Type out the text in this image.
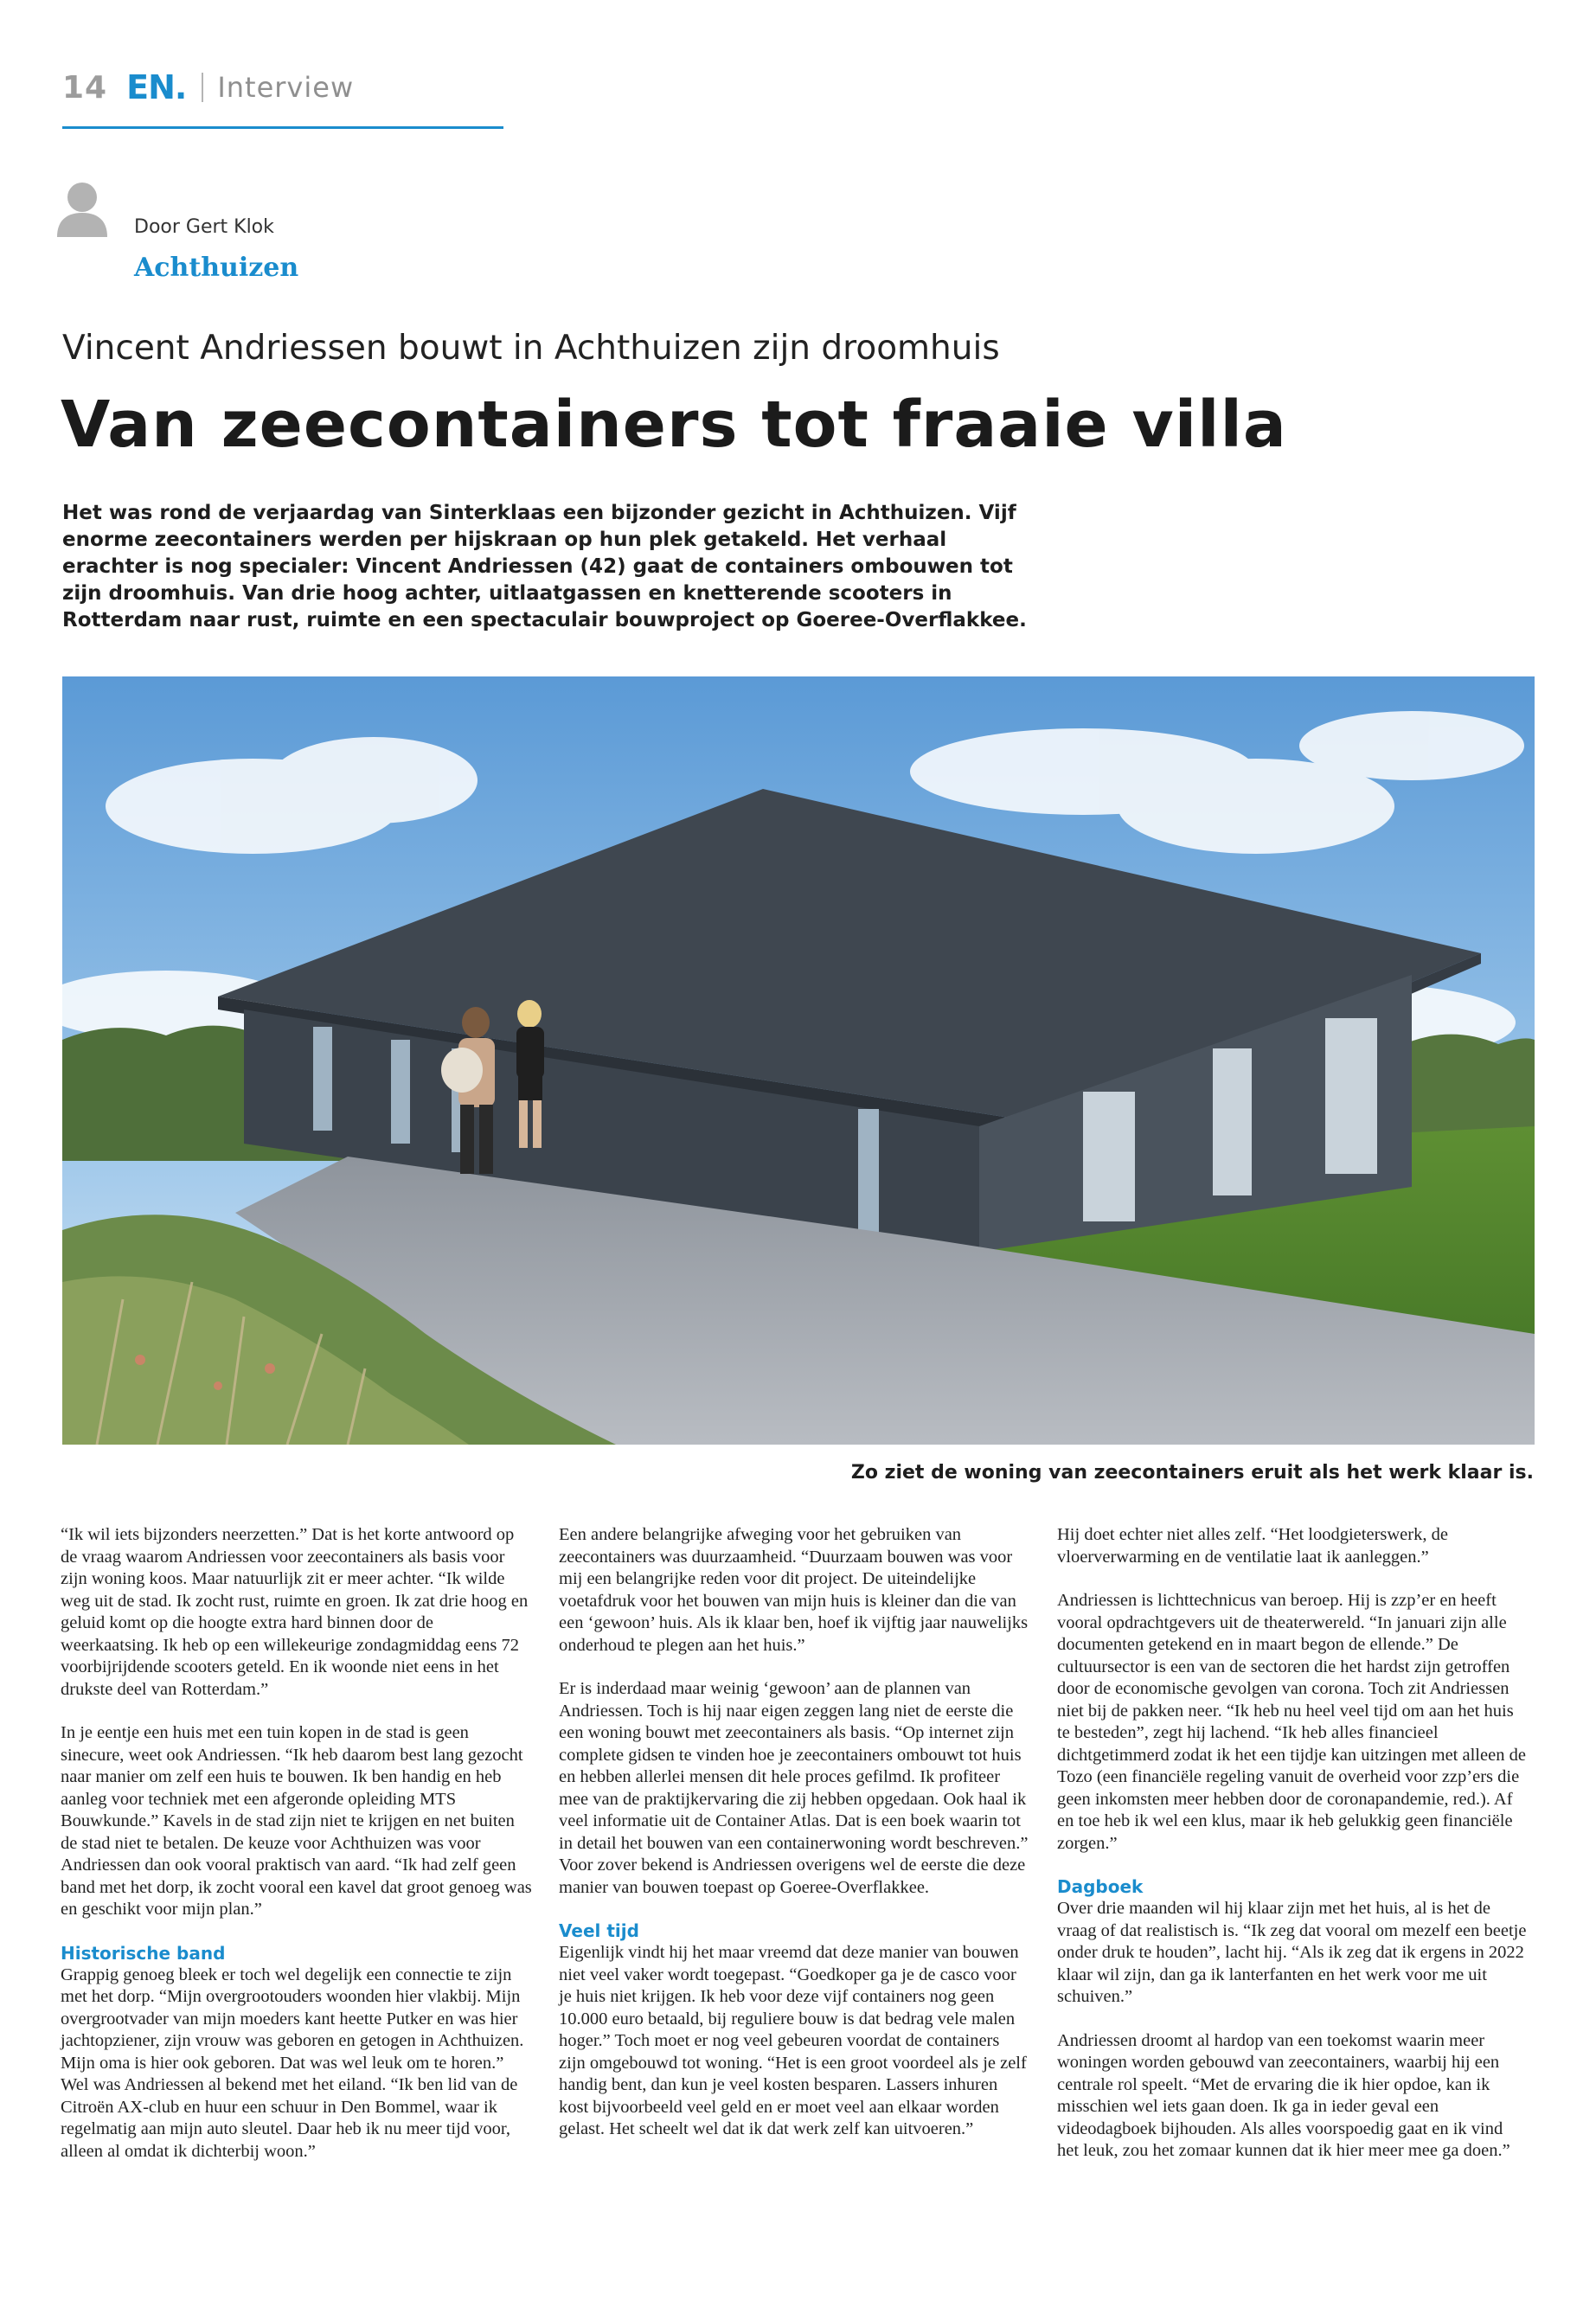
14 EN. Interview
Door Gert Klok
Achthuizen
Vincent Andriessen bouwt in Achthuizen zijn droomhuis
Van zeecontainers tot fraaie villa
Het was rond de verjaardag van Sinterklaas een bijzonder gezicht in Achthuizen. Vijf enorme zeecontainers werden per hijskraan op hun plek getakeld. Het verhaal erachter is nog specialer: Vincent Andriessen (42) gaat de containers ombouwen tot zijn droomhuis. Van drie hoog achter, uitlaatgassen en knetterende scooters in Rotterdam naar rust, ruimte en een spectaculair bouwproject op Goeree-Overflakkee.
Zo ziet de woning van zeecontainers eruit als het werk klaar is.

“Ik wil iets bijzonders neerzetten.” Dat is het korte antwoord op de vraag waarom Andriessen voor zeecontainers als basis voor zijn woning koos. Maar natuurlijk zit er meer achter. “Ik wilde weg uit de stad. Ik zocht rust, ruimte en groen. Ik zat drie hoog en geluid komt op die hoogte extra hard binnen door de weerkaatsing. Ik heb op een willekeurige zondagmiddag eens 72 voorbijrijdende scooters geteld. En ik woonde niet eens in het drukste deel van Rotterdam.”

In je eentje een huis met een tuin kopen in de stad is geen sinecure, weet ook Andriessen. “Ik heb daarom best lang gezocht naar manier om zelf een huis te bouwen. Ik ben handig en heb aanleg voor techniek met een afgeronde opleiding MTS Bouwkunde.” Kavels in de stad zijn niet te krijgen en net buiten de stad niet te betalen. De keuze voor Achthuizen was voor Andriessen dan ook vooral praktisch van aard. “Ik had zelf geen band met het dorp, ik zocht vooral een kavel dat groot genoeg was en geschikt voor mijn plan.”

Historische band

Grappig genoeg bleek er toch wel degelijk een connectie te zijn met het dorp. “Mijn overgrootouders woonden hier vlakbij. Mijn overgrootvader van mijn moeders kant heette Putker en was hier jachtopziener, zijn vrouw was geboren en getogen in Achthuizen. Mijn oma is hier ook geboren. Dat was wel leuk om te horen.” Wel was Andriessen al bekend met het eiland. “Ik ben lid van de Citroën AX-club en huur een schuur in Den Bommel, waar ik regelmatig aan mijn auto sleutel. Daar heb ik nu meer tijd voor, alleen al omdat ik dichterbij woon.”

Een andere belangrijke afweging voor het gebruiken van zeecontainers was duurzaamheid. “Duurzaam bouwen was voor mij een belangrijke reden voor dit project. De uiteindelijke voetafdruk voor het bouwen van mijn huis is kleiner dan die van een ‘gewoon’ huis. Als ik klaar ben, hoef ik vijftig jaar nauwelijks onderhoud te plegen aan het huis.”

Er is inderdaad maar weinig ‘gewoon’ aan de plannen van Andriessen. Toch is hij naar eigen zeggen lang niet de eerste die een woning bouwt met zeecontainers als basis. “Op internet zijn complete gidsen te vinden hoe je zeecontainers ombouwt tot huis en hebben allerlei mensen dit hele proces gefilmd. Ik profiteer mee van de praktijkervaring die zij hebben opgedaan. Ook haal ik veel informatie uit de Container Atlas. Dat is een boek waarin tot in detail het bouwen van een containerwoning wordt beschreven.” Voor zover bekend is Andriessen overigens wel de eerste die deze manier van bouwen toepast op Goeree-Overflakkee.

Veel tijd

Eigenlijk vindt hij het maar vreemd dat deze manier van bouwen niet veel vaker wordt toegepast. “Goedkoper ga je de casco voor je huis niet krijgen. Ik heb voor deze vijf containers nog geen 10.000 euro betaald, bij reguliere bouw is dat bedrag vele malen hoger.” Toch moet er nog veel gebeuren voordat de containers zijn omgebouwd tot woning. “Het is een groot voordeel als je zelf handig bent, dan kun je veel kosten besparen. Lassers inhuren kost bijvoorbeeld veel geld en er moet veel aan elkaar worden gelast. Het scheelt wel dat ik dat werk zelf kan uitvoeren.”

Hij doet echter niet alles zelf. “Het loodgieterswerk, de vloerverwarming en de ventilatie laat ik aanleggen.”

Andriessen is lichttechnicus van beroep. Hij is zzp’er en heeft vooral opdrachtgevers uit de theaterwereld. “In januari zijn alle documenten getekend en in maart begon de ellende.” De cultuursector is een van de sectoren die het hardst zijn getroffen door de economische gevolgen van corona. Toch zit Andriessen niet bij de pakken neer. “Ik heb nu heel veel tijd om aan het huis te besteden”, zegt hij lachend. “Ik heb alles financieel dichtgetimmerd zodat ik het een tijdje kan uitzingen met alleen de Tozo (een financiële regeling vanuit de overheid voor zzp’ers die geen inkomsten meer hebben door de coronapandemie, red.). Af en toe heb ik wel een klus, maar ik heb gelukkig geen financiële zorgen.”

Dagboek

Over drie maanden wil hij klaar zijn met het huis, al is het de vraag of dat realistisch is. “Ik zeg dat vooral om mezelf een beetje onder druk te houden”, lacht hij. “Als ik zeg dat ik ergens in 2022 klaar wil zijn, dan ga ik lanterfanten en het werk voor me uit schuiven.”

Andriessen droomt al hardop van een toekomst waarin meer woningen worden gebouwd van zeecontainers, waarbij hij een centrale rol speelt. “Met de ervaring die ik hier opdoe, kan ik misschien wel iets gaan doen. Ik ga in ieder geval een videodagboek bijhouden. Als alles voorspoedig gaat en ik vind het leuk, zou het zomaar kunnen dat ik hier meer mee ga doen.”
